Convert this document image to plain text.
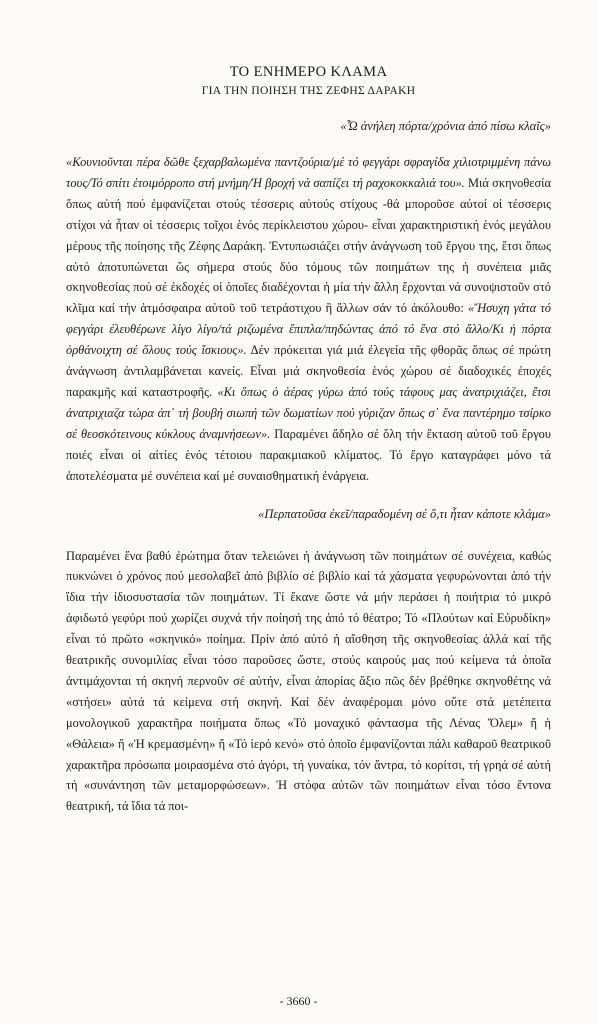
ΤΟ ΕΝΗΜΕΡΟ ΚΛΑΜΑ
ΓΙΑ ΤΗΝ ΠΟΙΗΣΗ ΤΗΣ ΖΕΦΗΣ ΔΑΡΑΚΗ
«Ὦ ἀνήλεη πόρτα/χρόνια ἀπό πίσω κλαῖς»

«Κουνιοῦνται πέρα δῶθε ξεχαρβαλωμένα παντζούρια/μέ τό φεγγάρι σφραγίδα χιλιοτριμμένη πάνω τους/Τό σπίτι ἑτοιμόρροπο στή μνήμη/Ἡ βροχή νά σαπίζει τή ραχοκοκκαλιά του». Μιά σκηνοθεσία ὅπως αὐτή πού ἐμφανίζεται στούς τέσσερις αὐτούς στίχους -θά μποροῦσε αὐτοί οἱ τέσσερις στίχοι νά ἦταν οἱ τέσσερις τοῖχοι ἑνός περίκλειστου χώρου- εἶναι χαρακτηριστική ἑνός μεγάλου μέρους τῆς ποίησης τῆς Ζέφης Δαράκη. Ἐντυπωσιάζει στήν ἀνάγνωση τοῦ ἔργου της, ἔτσι ὅπως αὐτό ἀποτυπώνεται ὥς σήμερα στούς δύο τόμους τῶν ποιημάτων της ἡ συνέπεια μιᾶς σκηνοθεσίας πού σέ ἐκδοχές οἱ ὁποῖες διαδέχονται ἡ μία τήν ἄλλη ἔρχονται νά συνοψιστοῦν στό κλῖμα καί τήν ἀτμόσφαιρα αὐτοῦ τοῦ τετράστιχου ἢ ἄλλων σάν τό ἀκόλουθο: «Ἥσυχη γάτα τό φεγγάρι ἐλευθέρωνε λίγο λίγο/τά ριζωμένα ἔπιπλα/πηδώντας ἀπό τό ἕνα στό ἄλλο/Κι ἡ πόρτα ὀρθάνοιχτη σέ ὅλους τούς ἴσκιους». Δέν πρόκειται γιά μιά ἐλεγεία τῆς φθορᾶς ὅπως σέ πρώτη ἀνάγνωση ἀντιλαμβάνεται κανείς. Εἶναι μιά σκηνοθεσία ἑνός χώρου σέ διαδοχικές ἐποχές παρακμῆς καί καταστροφῆς. «Κι ὅπως ὁ ἀέρας γύρω ἀπό τούς τάφους μας ἀνατριχιάζει, ἔτσι ἀνατριχιαζα τώρα ἀπ᾿ τή βουβή σιωπή τῶν δωματίων πού γύριζαν ὅπως σ᾿ ἕνα παντέρημο τσίρκο σέ θεοσκότεινους κύκλους ἀναμνήσεων». Παραμένει ἄδηλο σέ ὅλη τήν ἔκταση αὐτοῦ τοῦ ἔργου ποιές εἶναι οἱ αἰτίες ἑνός τέτοιου παρακμιακοῦ κλίματος. Τό ἔργο καταγράφει μόνο τά ἀποτελέσματα μέ συνέπεια καί μέ συναισθηματική ἐνάργεια.

«Περπατοῦσα ἐκεῖ/παραδομένη σέ ὅ,τι ἦταν κάποτε κλάμα»

Παραμένει ἕνα βαθύ ἐρώτημα ὅταν τελειώνει ἡ ἀνάγνωση τῶν ποιημάτων σέ συνέχεια, καθώς πυκνώνει ὁ χρόνος πού μεσολαβεῖ ἀπό βιβλίο σέ βιβλίο καί τά χάσματα γεφυρώνονται ἀπό τήν ἴδια τήν ἰδιοσυστασία τῶν ποιημάτων. Τί ἔκανε ὥστε νά μήν περάσει ἡ ποιήτρια τό μικρό ἀφιδωτό γεφύρι πού χωρίζει συχνά τήν ποίησή της ἀπό τό θέατρο; Τό «Πλούτων καί Εὐρυδίκη» εἶναι τό πρῶτο «σκηνικό» ποίημα. Πρίν ἀπό αὐτό ἡ αἴσθηση τῆς σκηνοθεσίας ἀλλά καί τῆς θεατρικῆς συνομιλίας εἶναι τόσο παροῦσες ὥστε, στούς καιρούς μας πού κείμενα τά ὁποῖα ἀντιμάχονται τή σκηνή περνοῦν σέ αὐτήν, εἶναι ἀπορίας ἄξιο πῶς δέν βρέθηκε σκηνοθέτης νά «στήσει» αὐτά τά κείμενα στή σκηνή. Καί δέν ἀναφέρομαι μόνο οὔτε στά μετέπειτα μονολογικοῦ χαρακτῆρα ποιήματα ὅπως «Τό μοναχικό φάντασμα τῆς Λένας Ὄλεμ» ἤ ἡ «Θάλεια» ἤ «Ἡ κρεμασμένη» ἤ «Τό ἱερό κενό» στό ὁποῖο ἐμφανίζονται πάλι καθαροῦ θεατρικοῦ χαρακτῆρα πρόσωπα μοιρασμένα στό ἀγόρι, τή γυναίκα, τόν ἄντρα, τό κορίτσι, τή γρηά σέ αὐτή τή «συνάντηση τῶν μεταμορφώσεων». Ἡ στόφα αὐτῶν τῶν ποιημάτων εἶναι τόσο ἔντονα θεατρική, τά ἴδια τά ποι-

- 3660 -
